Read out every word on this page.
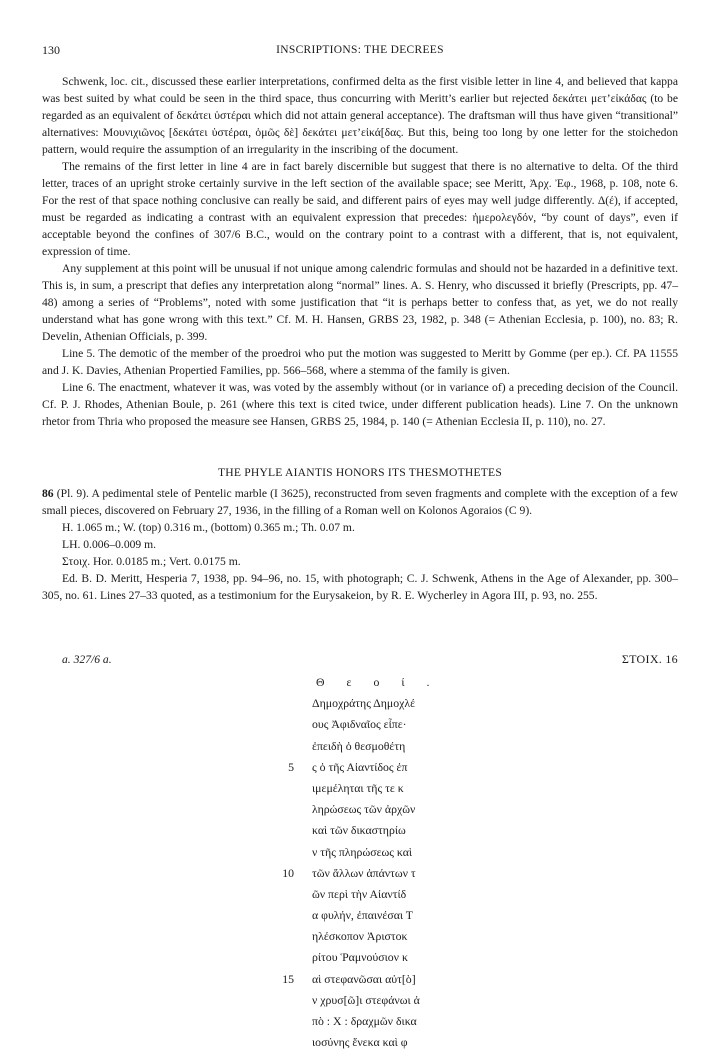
130	INSCRIPTIONS: THE DECREES

Schwenk, loc. cit., discussed these earlier interpretations, confirmed delta as the first visible letter in line 4, and believed that kappa was best suited by what could be seen in the third space, thus concurring with Meritt’s earlier but rejected δεκάτει μετ’εἰκάδας (to be regarded as an equivalent of δεκάτει ὑστέραι which did not attain general acceptance). The draftsman will thus have given “transitional” alternatives: Μουνιχιῶνος [δεκάτει ὑστέραι, ὁμῶς δὲ] δεκάτει μετ’εἰκά[δας. But this, being too long by one letter for the stoichedon pattern, would require the assumption of an irregularity in the inscribing of the document.

The remains of the first letter in line 4 are in fact barely discernible but suggest that there is no alternative to delta. Of the third letter, traces of an upright stroke certainly survive in the left section of the available space; see Meritt, Ἀρχ. Ἐφ., 1968, p. 108, note 6. For the rest of that space nothing conclusive can really be said, and different pairs of eyes may well judge differently. Δ(έ), if accepted, must be regarded as indicating a contrast with an equivalent expression that precedes: ἡμερολεγδόν, “by count of days”, even if acceptable beyond the confines of 307/6 B.C., would on the contrary point to a contrast with a different, that is, not equivalent, expression of time.

Any supplement at this point will be unusual if not unique among calendric formulas and should not be hazarded in a definitive text. This is, in sum, a prescript that defies any interpretation along “normal” lines. A. S. Henry, who discussed it briefly (Prescripts, pp. 47–48) among a series of “Problems”, noted with some justification that “it is perhaps better to confess that, as yet, we do not really understand what has gone wrong with this text.” Cf. M. H. Hansen, GRBS 23, 1982, p. 348 (= Athenian Ecclesia, p. 100), no. 83; R. Develin, Athenian Officials, p. 399.

Line 5. The demotic of the member of the proedroi who put the motion was suggested to Meritt by Gomme (per ep.). Cf. PA 11555 and J. K. Davies, Athenian Propertied Families, pp. 566–568, where a stemma of the family is given.

Line 6. The enactment, whatever it was, was voted by the assembly without (or in variance of) a preceding decision of the Council. Cf. P. J. Rhodes, Athenian Boule, p. 261 (where this text is cited twice, under different publication heads). Line 7. On the unknown rhetor from Thria who proposed the measure see Hansen, GRBS 25, 1984, p. 140 (= Athenian Ecclesia II, p. 110), no. 27.

THE PHYLE AIANTIS HONORS ITS THESMOTHETES

86 (Pl. 9). A pedimental stele of Pentelic marble (I 3625), reconstructed from seven fragments and complete with the exception of a few small pieces, discovered on February 27, 1936, in the filling of a Roman well on Kolonos Agoraios (C 9).

H. 1.065 m.; W. (top) 0.316 m., (bottom) 0.365 m.; Th. 0.07 m.

LH. 0.006–0.009 m.

Στοιχ. Hor. 0.0185 m.; Vert. 0.0175 m.

Ed. B. D. Meritt, Hesperia 7, 1938, pp. 94–96, no. 15, with photograph; C. J. Schwenk, Athens in the Age of Alexander, pp. 300–305, no. 61. Lines 27–33 quoted, as a testimonium for the Eurysakeion, by R. E. Wycherley in Agora III, p. 93, no. 255.

a. 327/6 a.	ΣΤΟΙΧ. 16
Θεοί.
Δημοχράτης Δημοχλέ
ους Ἀφιδναῖος εἶπε·
ἐπειδὴ ὁ θεσμοθέτη
5 ς ὁ τῆς Αἰαντίδος ἐπ
ιμεμέληται τῆς τε κ
ληρώσεως τῶν ἀρχῶν
καὶ τῶν δικαστηρίω
ν τῆς πληρώσεως καὶ
10 τῶν ἄλλων ἁπάντων τ
ῶν περὶ τὴν Αἰαντίδ
α φυλήν, ἐπαινέσαι Τ
ηλέσκοπον Ἀριστοκ
ρίτου Ῥαμνούσιον κ
15 αὶ στεφανῶσαι αὐτ[ὸ]
ν χρυσ[ῶ]ι στεφάνωι ἀ
πὸ : Χ : δραχμῶν δικα
ιοσύνης ἕνεκα καὶ φ
